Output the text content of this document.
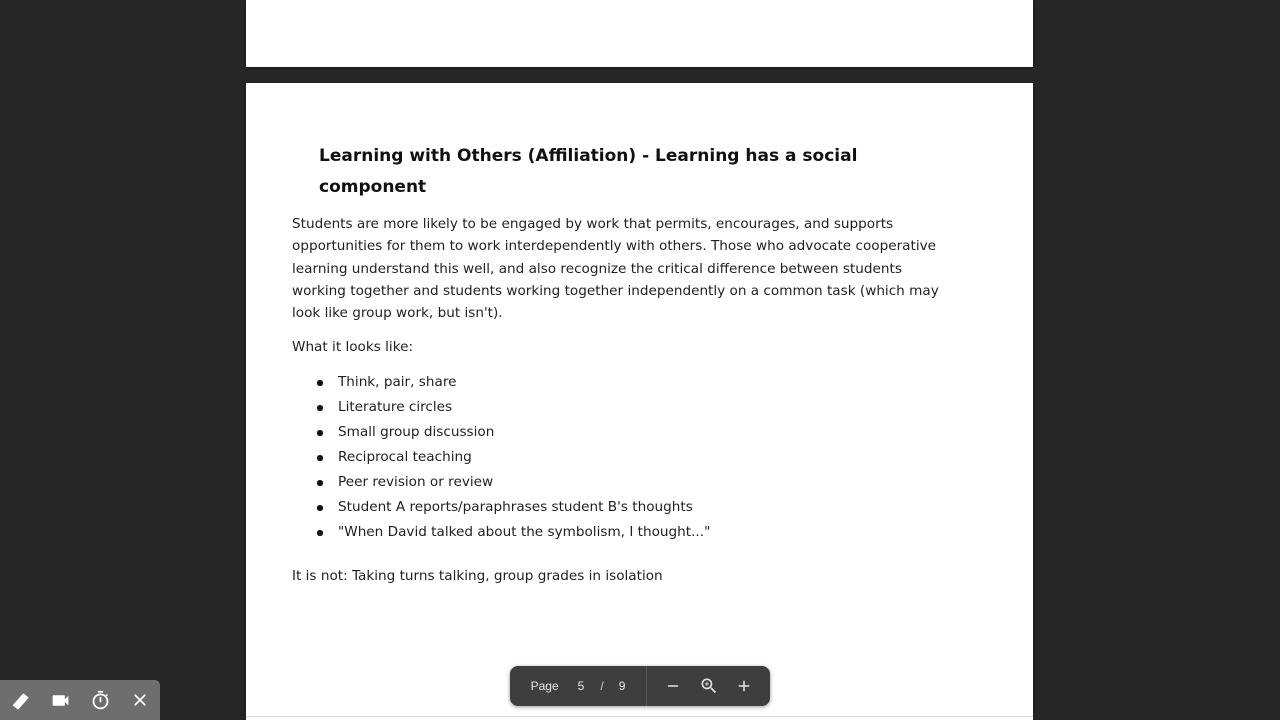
Learning with Others (Affiliation) - Learning has a social
component
Students are more likely to be engaged by work that permits, encourages, and supports
opportunities for them to work interdependently with others. Those who advocate cooperative
learning understand this well, and also recognize the critical difference between students
working together and students working together independently on a common task (which may
look like group work, but isn't).
What it looks like:
Think, pair, share
Literature circles
Small group discussion
Reciprocal teaching
Peer revision or review
Student A reports/paraphrases student B's thoughts
"When David talked about the symbolism, I thought..."
It is not: Taking turns talking, group grades in isolation
Page 5 / 9
